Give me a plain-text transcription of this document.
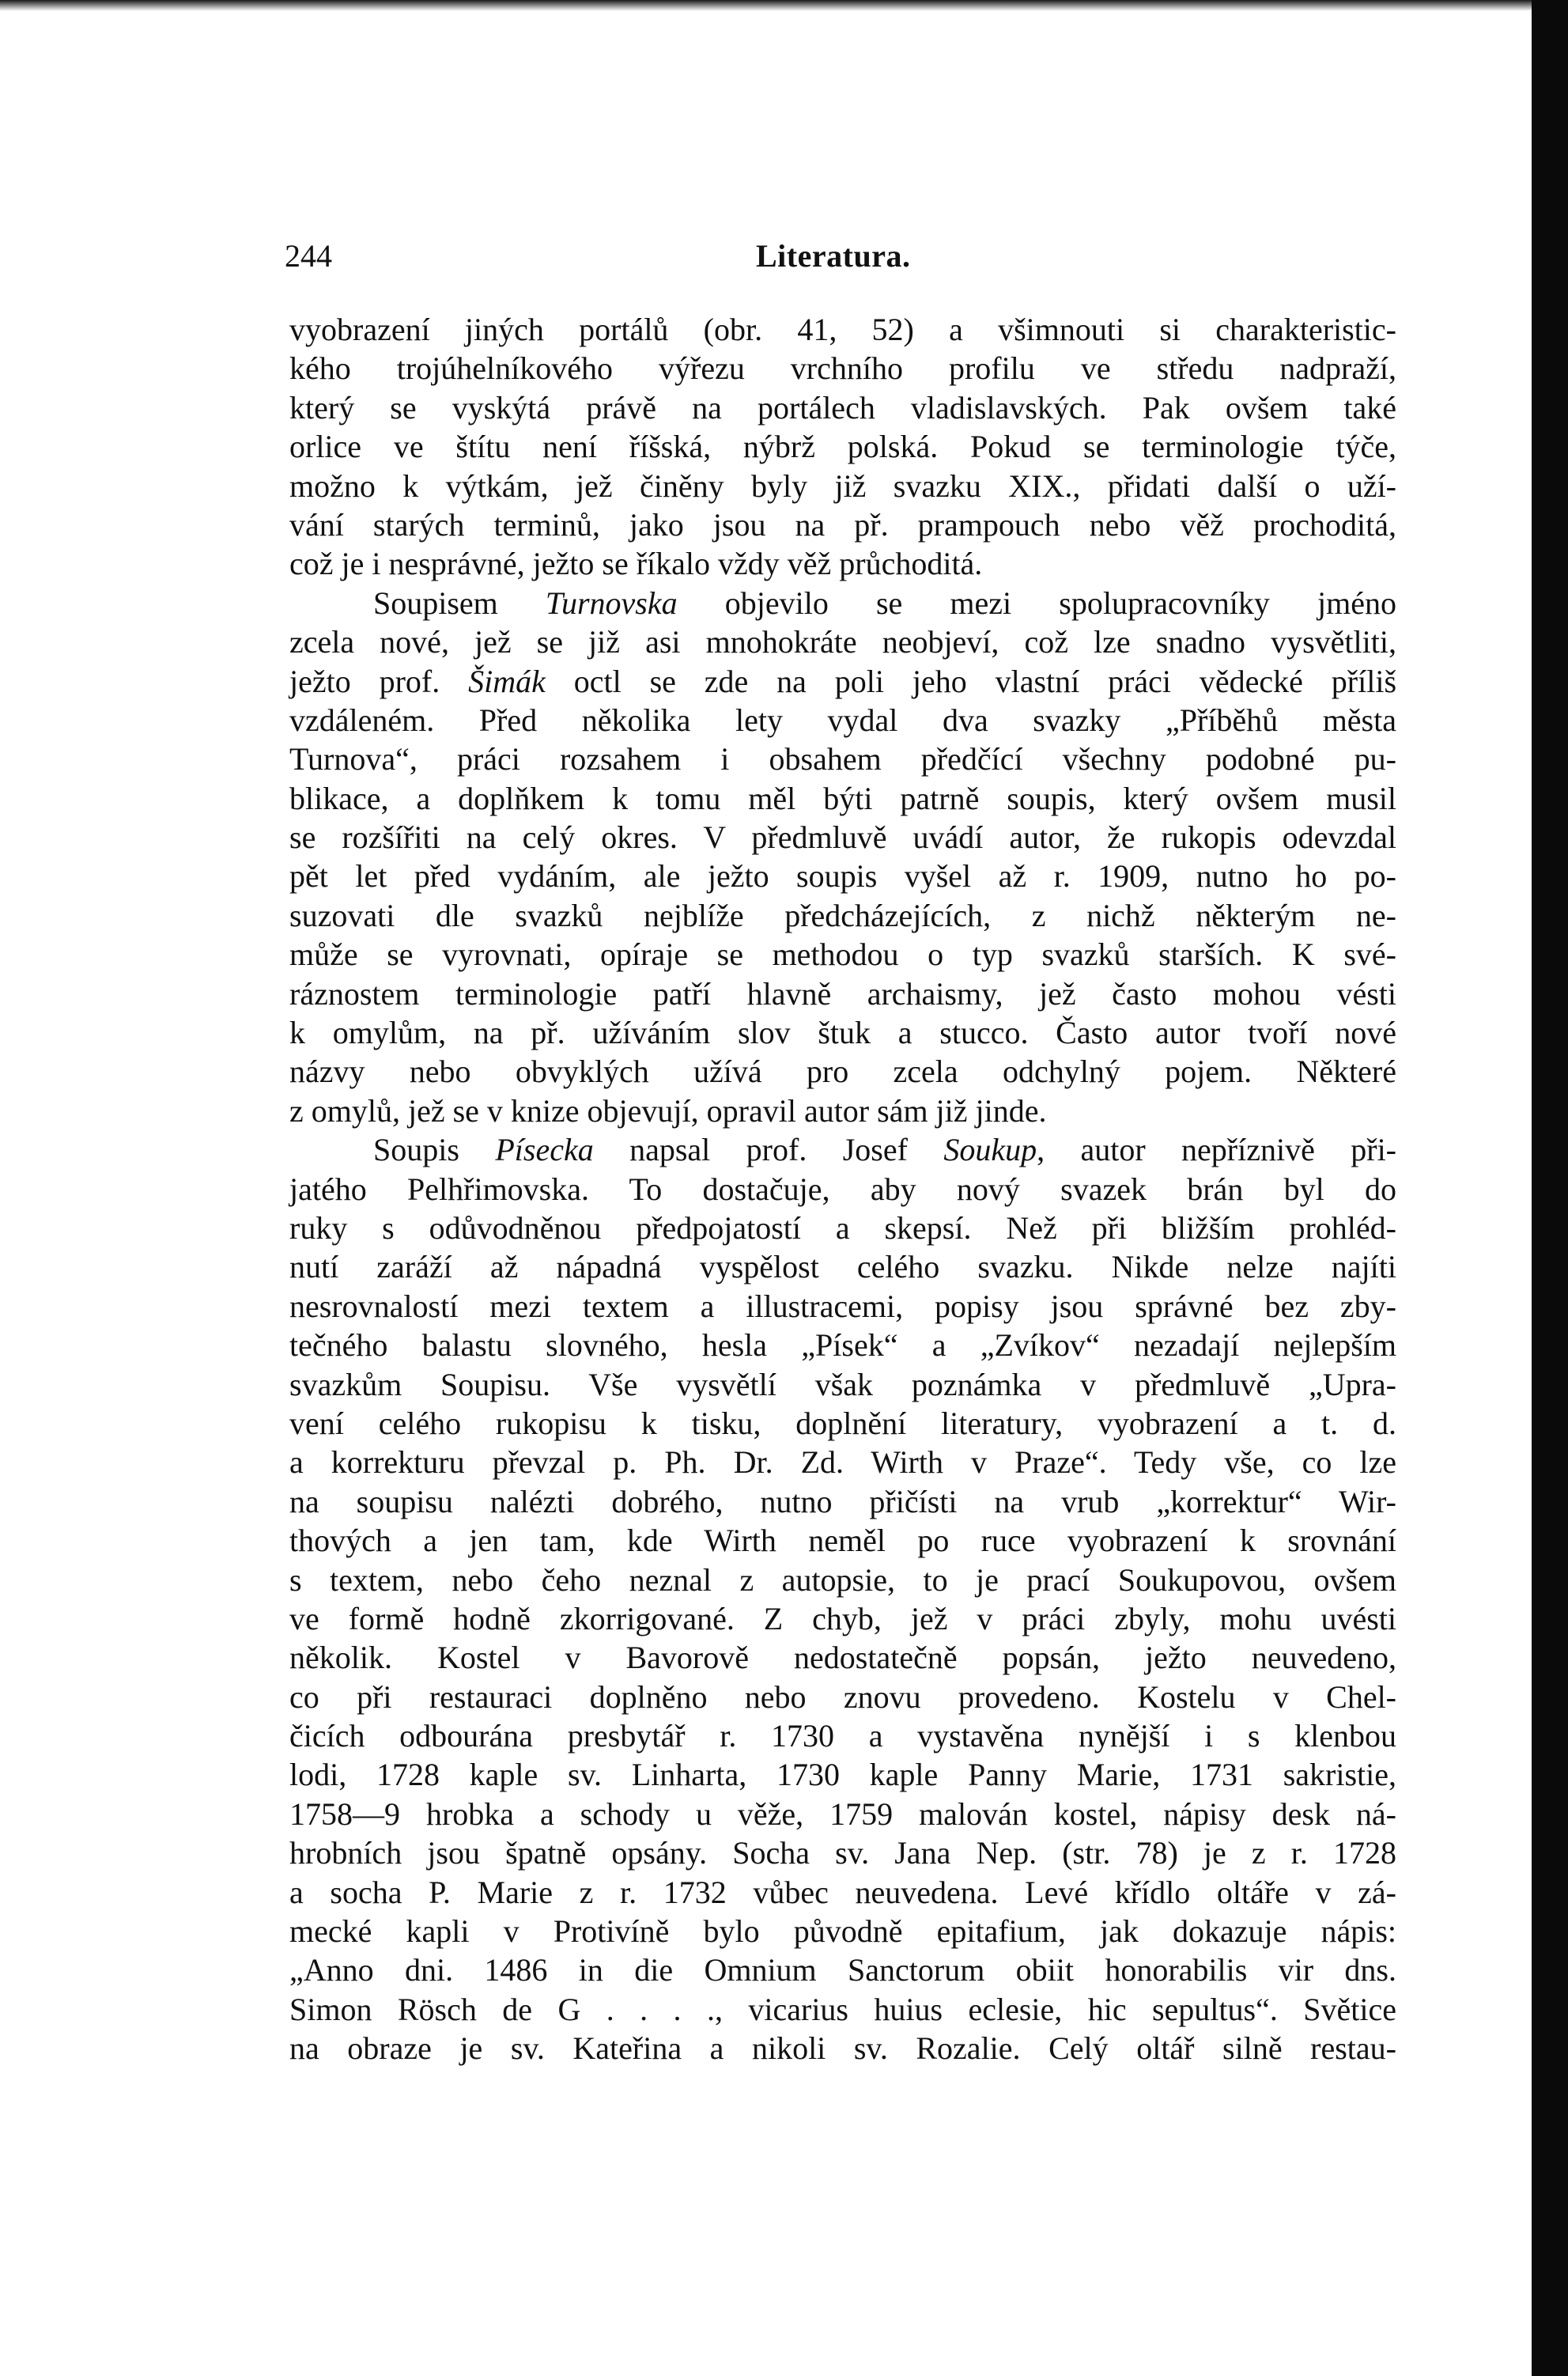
244	Literatura.
vyobrazení jiných portálů (obr. 41, 52) a všimnouti si charakteristic-
kého trojúhelníkového výřezu vrchního profilu ve středu nadpraží,
který se vyskýtá právě na portálech vladislavských. Pak ovšem také
orlice ve štítu není říšská, nýbrž polská. Pokud se terminologie týče,
možno k výtkám, jež činěny byly již svazku XIX., přidati další o uží-
vání starých terminů, jako jsou na př. prampouch nebo věž prochoditá,
což je i nesprávné, ježto se říkalo vždy věž průchoditá.
Soupisem Turnovska objevilo se mezi spolupracovníky jméno
zcela nové, jež se již asi mnohokráte neobjeví, což lze snadno vysvětliti,
ježto prof. Šimák octl se zde na poli jeho vlastní práci vědecké příliš
vzdáleném. Před několika lety vydal dva svazky „Příběhů města
Turnova“, práci rozsahem i obsahem předčící všechny podobné pu-
blikace, a doplňkem k tomu měl býti patrně soupis, který ovšem musil
se rozšířiti na celý okres. V předmluvě uvádí autor, že rukopis odevzdal
pět let před vydáním, ale ježto soupis vyšel až r. 1909, nutno ho po-
suzovati dle svazků nejblíže předcházejících, z nichž některým ne-
může se vyrovnati, opíraje se methodou o typ svazků starších. K své-
ráznostem terminologie patří hlavně archaismy, jež často mohou vésti
k omylům, na př. užíváním slov štuk a stucco. Často autor tvoří nové
názvy nebo obvyklých užívá pro zcela odchylný pojem. Některé
z omylů, jež se v knize objevují, opravil autor sám již jinde.
Soupis Písecka napsal prof. Josef Soukup, autor nepříznivě při-
jatého Pelhřimovska. To dostačuje, aby nový svazek brán byl do
ruky s odůvodněnou předpojatostí a skepsí. Než při bližším prohléd-
nutí zaráží až nápadná vyspělost celého svazku. Nikde nelze najíti
nesrovnalostí mezi textem a illustracemi, popisy jsou správné bez zby-
tečného balastu slovného, hesla „Písek“ a „Zvíkov“ nezadají nejlepším
svazkům Soupisu. Vše vysvětlí však poznámka v předmluvě „Upra-
vení celého rukopisu k tisku, doplnění literatury, vyobrazení a t. d.
a korrekturu převzal p. Ph. Dr. Zd. Wirth v Praze“. Tedy vše, co lze
na soupisu nalézti dobrého, nutno přičísti na vrub „korrektur“ Wir-
thových a jen tam, kde Wirth neměl po ruce vyobrazení k srovnání
s textem, nebo čeho neznal z autopsie, to je prací Soukupovou, ovšem
ve formě hodně zkorrigované. Z chyb, jež v práci zbyly, mohu uvésti
několik. Kostel v Bavorově nedostatečně popsán, ježto neuvedeno,
co při restauraci doplněno nebo znovu provedeno. Kostelu v Chel-
čicích odbourána presbytář r. 1730 a vystavěna nynější i s klenbou
lodi, 1728 kaple sv. Linharta, 1730 kaple Panny Marie, 1731 sakristie,
1758—9 hrobka a schody u věže, 1759 malován kostel, nápisy desk ná-
hrobních jsou špatně opsány. Socha sv. Jana Nep. (str. 78) je z r. 1728
a socha P. Marie z r. 1732 vůbec neuvedena. Levé křídlo oltáře v zá-
mecké kapli v Protivíně bylo původně epitafium, jak dokazuje nápis:
„Anno dni. 1486 in die Omnium Sanctorum obiit honorabilis vir dns.
Simon Rösch de G . . . ., vicarius huius eclesie, hic sepultus“. Světice
na obraze je sv. Kateřina a nikoli sv. Rozalie. Celý oltář silně restau-
